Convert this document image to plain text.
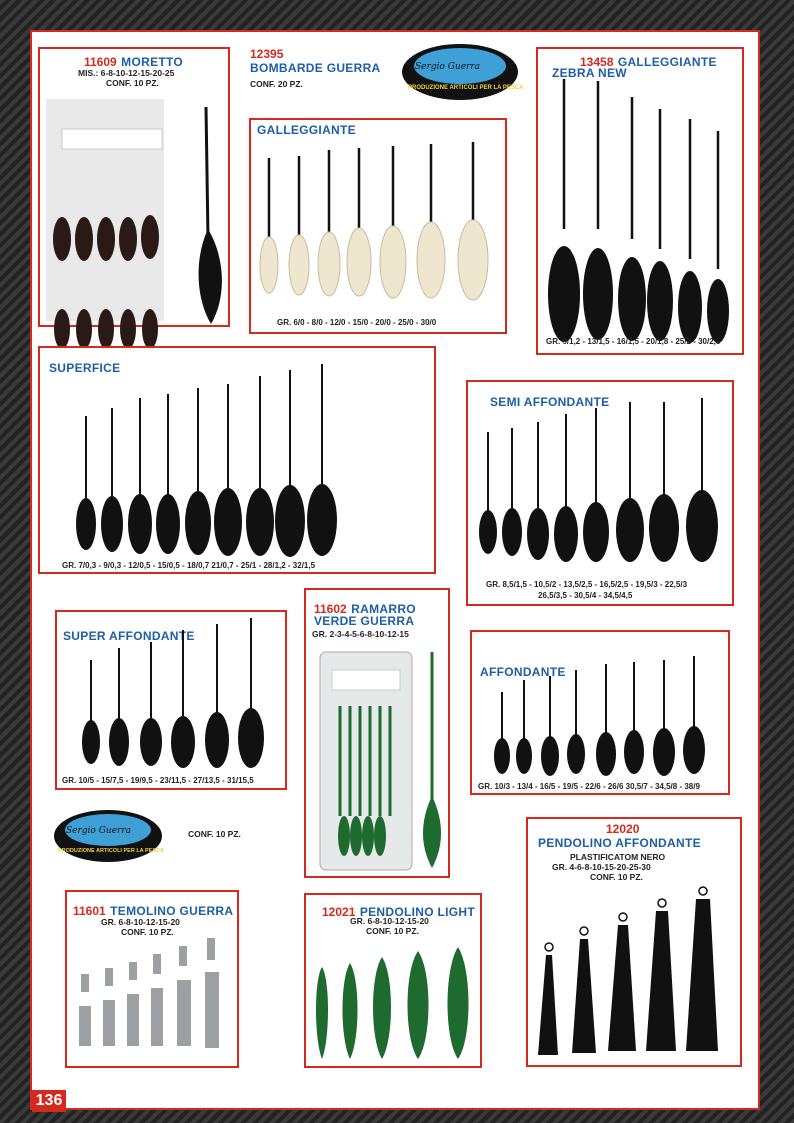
11609 MORETTO
MIS.: 6-8-10-12-15-20-25
CONF. 10 PZ.
12395
BOMBARDE GUERRA
CONF. 20 PZ.
Sergio Guerra
PRODUZIONE ARTICOLI PER LA PESCA
GALLEGGIANTE
GR. 6/0 - 8/0 - 12/0 - 15/0 - 20/0 - 25/0 - 30/0
13458 GALLEGGIANTE
ZEBRA NEW
GR. 9/1,2 - 13/1,5 - 16/1,5 - 20/1,8 - 25/2 - 30/2,5
SUPERFICE
GR. 7/0,3 - 9/0,3 - 12/0,5 - 15/0,5 - 18/0,7 21/0,7 - 25/1 - 28/1,2 - 32/1,5
SEMI AFFONDANTE
GR. 8,5/1,5 - 10,5/2 - 13,5/2,5 - 16,5/2,5 - 19,5/3 - 22,5/3
26,5/3,5 - 30,5/4 - 34,5/4,5
SUPER AFFONDANTE
GR. 10/5 - 15/7,5 - 19/9,5 - 23/11,5 - 27/13,5 - 31/15,5
11602 RAMARRO
VERDE GUERRA
GR. 2-3-4-5-6-8-10-12-15
AFFONDANTE
GR. 10/3 - 13/4 - 16/5 - 19/5 - 22/6 - 26/6 30,5/7 - 34,5/8 - 38/9
Sergio Guerra
PRODUZIONE ARTICOLI PER LA PESCA
CONF. 10 PZ.
11601 TEMOLINO GUERRA
GR. 6-8-10-12-15-20
CONF. 10 PZ.
12021 PENDOLINO LIGHT
GR. 6-8-10-12-15-20
CONF. 10 PZ.
12020
PENDOLINO AFFONDANTE
PLASTIFICATOM NERO
GR. 4-6-8-10-15-20-25-30
CONF. 10 PZ.
136
